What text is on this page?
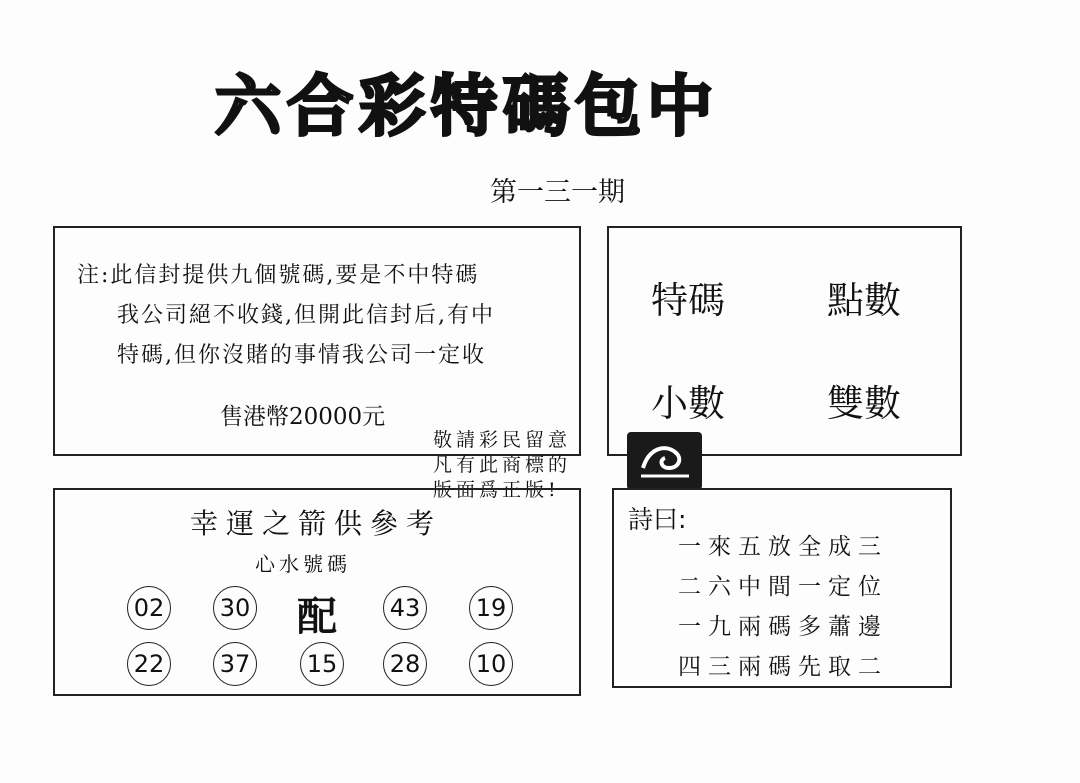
六合彩特碼包中
第一三一期
注:此信封提供九個號碼,要是不中特碼
我公司絕不收錢,但開此信封后,有中
特碼,但你沒賭的事情我公司一定收
售港幣20000元
特碼	點數
小數	雙數
敬請彩民留意
凡有此商標的
版面爲正版!
幸運之箭供參考
心水號碼
02 30 配 43 19
22 37 15 28 10
詩曰:
一來五放全成三
二六中間一定位
一九兩碼多蕭邊
四三兩碼先取二
